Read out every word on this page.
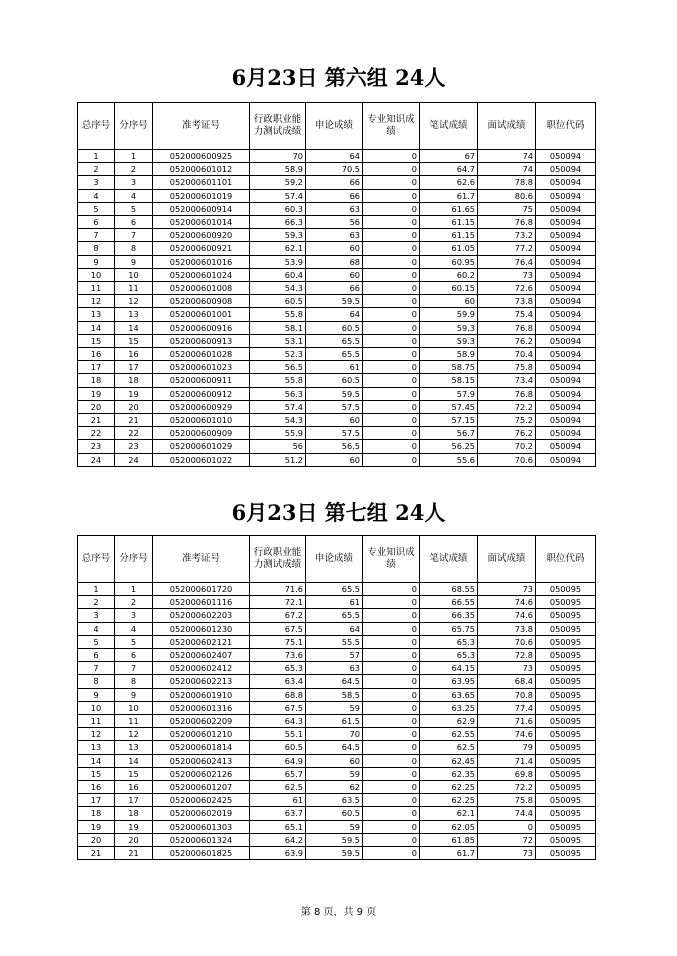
6月23日 第六组 24人
总序号	分序号	准考证号	行政职业能力测试成绩	申论成绩	专业知识成绩	笔试成绩	面试成绩	职位代码
1	1	052000600925	70	64	0	67	74	050094
2	2	052000601012	58.9	70.5	0	64.7	74	050094
3	3	052000601101	59.2	66	0	62.6	78.8	050094
4	4	052000601019	57.4	66	0	61.7	80.6	050094
5	5	052000600914	60.3	63	0	61.65	75	050094
6	6	052000601014	66.3	56	0	61.15	76.8	050094
7	7	052000600920	59.3	63	0	61.15	73.2	050094
8	8	052000600921	62.1	60	0	61.05	77.2	050094
9	9	052000601016	53.9	68	0	60.95	76.4	050094
10	10	052000601024	60.4	60	0	60.2	73	050094
11	11	052000601008	54.3	66	0	60.15	72.6	050094
12	12	052000600908	60.5	59.5	0	60	73.8	050094
13	13	052000601001	55.8	64	0	59.9	75.4	050094
14	14	052000600916	58.1	60.5	0	59.3	76.8	050094
15	15	052000600913	53.1	65.5	0	59.3	76.2	050094
16	16	052000601028	52.3	65.5	0	58.9	70.4	050094
17	17	052000601023	56.5	61	0	58.75	75.8	050094
18	18	052000600911	55.8	60.5	0	58.15	73.4	050094
19	19	052000600912	56.3	59.5	0	57.9	76.8	050094
20	20	052000600929	57.4	57.5	0	57.45	72.2	050094
21	21	052000601010	54.3	60	0	57.15	75.2	050094
22	22	052000600909	55.9	57.5	0	56.7	76.2	050094
23	23	052000601029	56	56.5	0	56.25	70.2	050094
24	24	052000601022	51.2	60	0	55.6	70.6	050094
6月23日 第七组 24人
总序号	分序号	准考证号	行政职业能力测试成绩	申论成绩	专业知识成绩	笔试成绩	面试成绩	职位代码
1	1	052000601720	71.6	65.5	0	68.55	73	050095
2	2	052000601116	72.1	61	0	66.55	74.6	050095
3	3	052000602203	67.2	65.5	0	66.35	74.6	050095
4	4	052000601230	67.5	64	0	65.75	73.8	050095
5	5	052000602121	75.1	55.5	0	65.3	70.6	050095
6	6	052000602407	73.6	57	0	65.3	72.8	050095
7	7	052000602412	65.3	63	0	64.15	73	050095
8	8	052000602213	63.4	64.5	0	63.95	68.4	050095
9	9	052000601910	68.8	58.5	0	63.65	70.8	050095
10	10	052000601316	67.5	59	0	63.25	77.4	050095
11	11	052000602209	64.3	61.5	0	62.9	71.6	050095
12	12	052000601210	55.1	70	0	62.55	74.6	050095
13	13	052000601814	60.5	64.5	0	62.5	79	050095
14	14	052000602413	64.9	60	0	62.45	71.4	050095
15	15	052000602126	65.7	59	0	62.35	69.8	050095
16	16	052000601207	62.5	62	0	62.25	72.2	050095
17	17	052000602425	61	63.5	0	62.25	75.8	050095
18	18	052000602019	63.7	60.5	0	62.1	74.4	050095
19	19	052000601303	65.1	59	0	62.05	0	050095
20	20	052000601324	64.2	59.5	0	61.85	72	050095
21	21	052000601825	63.9	59.5	0	61.7	73	050095
第 8 页，共 9 页
